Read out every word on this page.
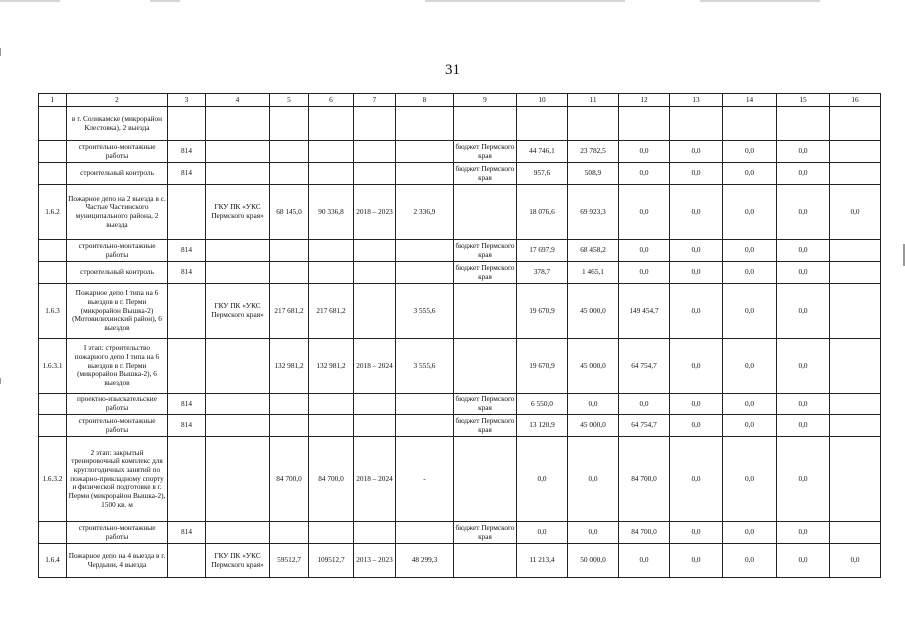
31
1	2	3	4	5	6	7	8	9	10	11	12	13	14	15	16
	в г. Соликамске (микрорайон Клестовка), 2 выезда														
	строительно-монтажные работы	814						бюджет Пермского края	44 746,1	23 782,5	0,0	0,0	0,0	0,0	
	строительный контроль	814						бюджет Пермского края	957,6	508,9	0,0	0,0	0,0	0,0	
1.6.2	Пожарное депо на 2 выезда в с. Частые Частинского муниципального района, 2 выезда		ГКУ ПК «УКС Пермского края»	68 145,0	90 336,8	2018 – 2023	2 336,9		18 076,6	69 923,3	0,0	0,0	0,0	0,0	0,0
	строительно-монтажные работы	814						бюджет Пермского края	17 697,9	68 458,2	0,0	0,0	0,0	0,0	
	строительный контроль	814						бюджет Пермского края	378,7	1 465,1	0,0	0,0	0,0	0,0	
1.6.3	Пожарное депо I типа на 6 выездов в г. Перми (микрорайон Вышка-2) (Мотовилихинский район), 6 выездов		ГКУ ПК «УКС Пермского края»	217 681,2	217 681,2		3 555,6		19 670,9	45 000,0	149 454,7	0,0	0,0	0,0	
1.6.3.1	I этап: строительство пожарного депо I типа на 6 выездов в г. Перми (микрорайон Вышка-2), 6 выездов			132 981,2	132 981,2	2018 – 2024	3 555,6		19 670,9	45 000,0	64 754,7	0,0	0,0	0,0	
	проектно-изыскательские работы	814						бюджет Пермского края	6 550,0	0,0	0,0	0,0	0,0	0,0	
	строительно-монтажные работы	814						бюджет Пермского края	13 120,9	45 000,0	64 754,7	0,0	0,0	0,0	
1.6.3.2	2 этап: закрытый тренировочный комплекс для круглогодичных занятий по пожарно-прикладному спорту и физической подготовке в г. Перми (микрорайон Вышка-2), 1500 кв. м			84 700,0	84 700,0	2018 – 2024	-		0,0	0,0	84 700,0	0,0	0,0	0,0	
	строительно-монтажные работы	814						бюджет Пермского края	0,0	0,0	84 700,0	0,0	0,0	0,0	
1.6.4	Пожарное депо на 4 выезда в г. Чердыни, 4 выезда		ГКУ ПК «УКС Пермского края»	59512,7	109512,7	2013 – 2023	48 299,3		11 213,4	50 000,0	0,0	0,0	0,0	0,0	0,0
